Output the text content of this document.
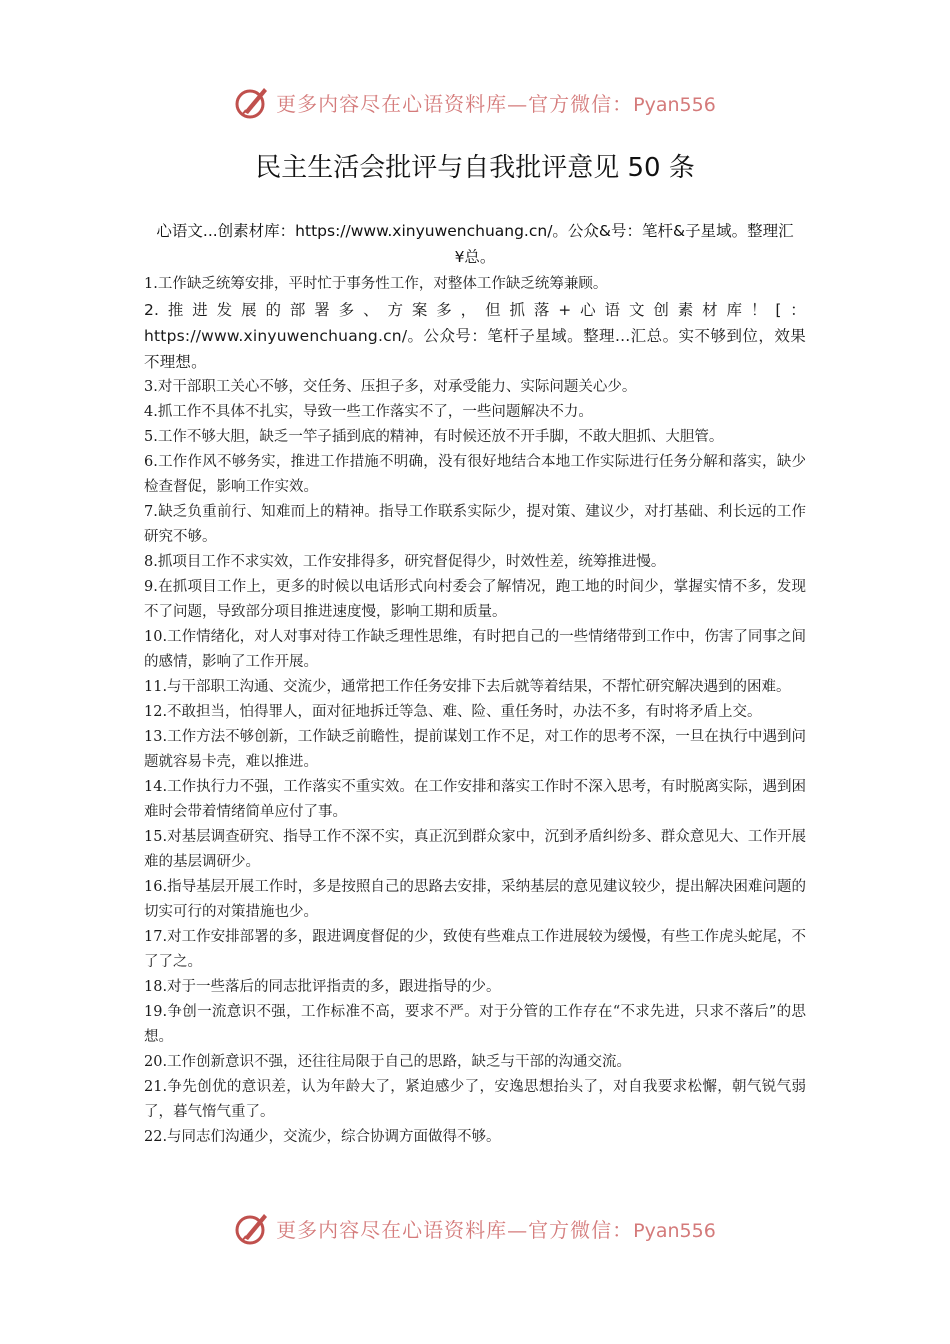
更多内容尽在心语资料库—官方微信：Pyan556
民主生活会批评与自我批评意见 50 条

心语文...创素材库：https://www.xinyuwenchuang.cn/。公众&号：笔杆&子星域。整理汇¥总。

1.工作缺乏统筹安排，平时忙于事务性工作，对整体工作缺乏统筹兼顾。

2.推进发展的部署多、方案多，但抓落+心语文创素材库！[：https://www.xinyuwenchuang.cn/。公众号：笔杆子星域。整理...汇总。实不够到位，效果不理想。

3.对干部职工关心不够，交任务、压担子多，对承受能力、实际问题关心少。

4.抓工作不具体不扎实，导致一些工作落实不了，一些问题解决不力。

5.工作不够大胆，缺乏一竿子插到底的精神，有时候还放不开手脚，不敢大胆抓、大胆管。

6.工作作风不够务实，推进工作措施不明确，没有很好地结合本地工作实际进行任务分解和落实，缺少检查督促，影响工作实效。

7.缺乏负重前行、知难而上的精神。指导工作联系实际少，提对策、建议少，对打基础、利长远的工作研究不够。

8.抓项目工作不求实效，工作安排得多，研究督促得少，时效性差，统筹推进慢。

9.在抓项目工作上，更多的时候以电话形式向村委会了解情况，跑工地的时间少，掌握实情不多，发现不了问题，导致部分项目推进速度慢，影响工期和质量。

10.工作情绪化，对人对事对待工作缺乏理性思维，有时把自己的一些情绪带到工作中，伤害了同事之间的感情，影响了工作开展。

11.与干部职工沟通、交流少，通常把工作任务安排下去后就等着结果，不帮忙研究解决遇到的困难。

12.不敢担当，怕得罪人，面对征地拆迁等急、难、险、重任务时，办法不多，有时将矛盾上交。

13.工作方法不够创新，工作缺乏前瞻性，提前谋划工作不足，对工作的思考不深，一旦在执行中遇到问题就容易卡壳，难以推进。

14.工作执行力不强，工作落实不重实效。在工作安排和落实工作时不深入思考，有时脱离实际，遇到困难时会带着情绪简单应付了事。

15.对基层调查研究、指导工作不深不实，真正沉到群众家中，沉到矛盾纠纷多、群众意见大、工作开展难的基层调研少。

16.指导基层开展工作时，多是按照自己的思路去安排，采纳基层的意见建议较少，提出解决困难问题的切实可行的对策措施也少。

17.对工作安排部署的多，跟进调度督促的少，致使有些难点工作进展较为缓慢，有些工作虎头蛇尾，不了了之。

18.对于一些落后的同志批评指责的多，跟进指导的少。

19.争创一流意识不强，工作标准不高，要求不严。对于分管的工作存在“不求先进，只求不落后”的思想。

20.工作创新意识不强，还往往局限于自己的思路，缺乏与干部的沟通交流。

21.争先创优的意识差，认为年龄大了，紧迫感少了，安逸思想抬头了，对自我要求松懈，朝气锐气弱了，暮气惰气重了。

22.与同志们沟通少，交流少，综合协调方面做得不够。

更多内容尽在心语资料库—官方微信：Pyan556
